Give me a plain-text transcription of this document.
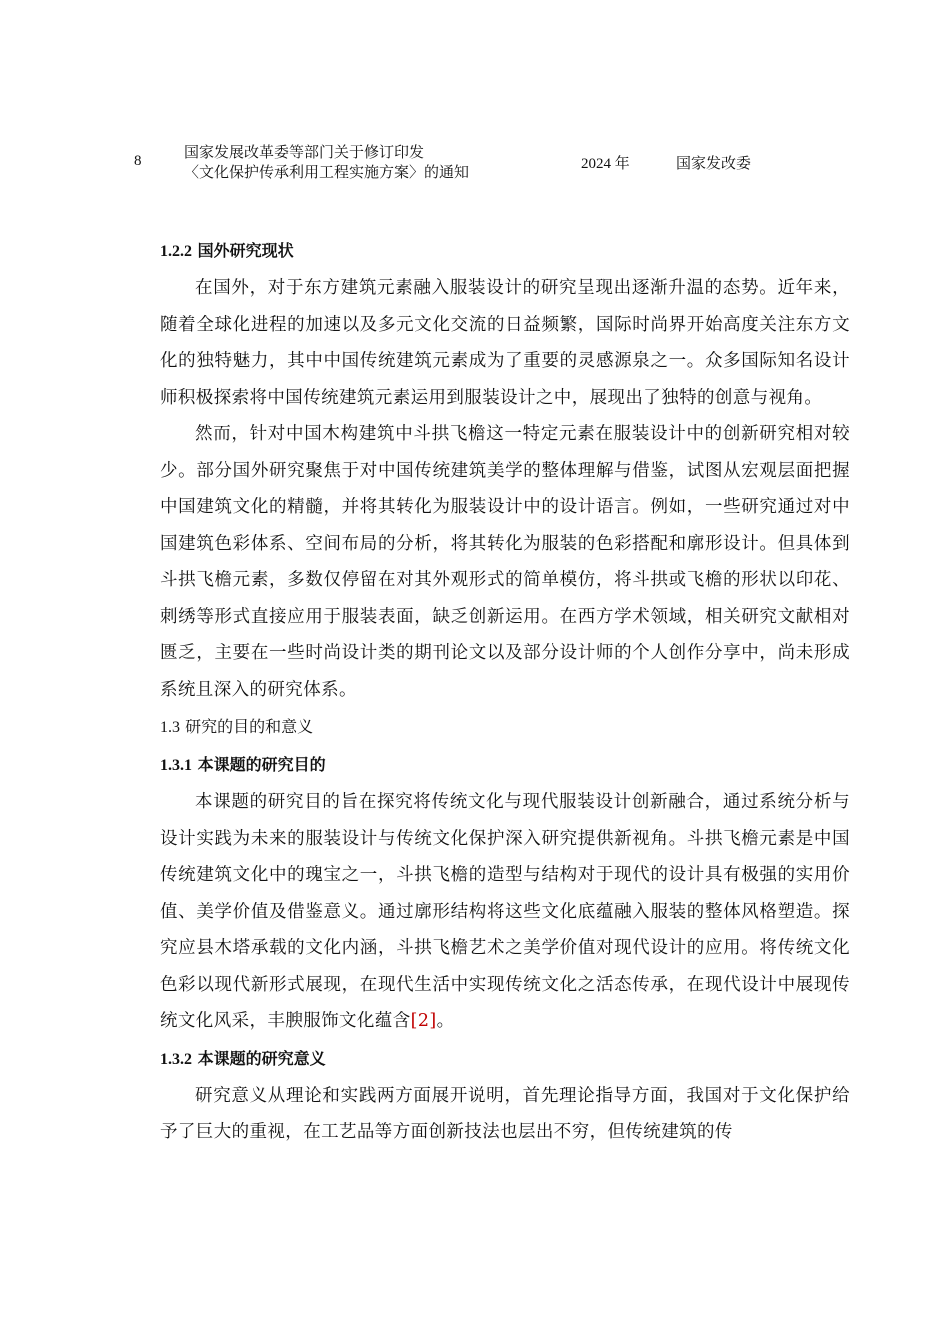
8	国家发展改革委等部门关于修订印发
〈文化保护传承利用工程实施方案〉的通知	2024 年	国家发改委
1.2.2 国外研究现状

在国外，对于东方建筑元素融入服装设计的研究呈现出逐渐升温的态势。近年来，随着全球化进程的加速以及多元文化交流的日益频繁，国际时尚界开始高度关注东方文化的独特魅力，其中中国传统建筑元素成为了重要的灵感源泉之一。众多国际知名设计师积极探索将中国传统建筑元素运用到服装设计之中，展现出了独特的创意与视角。

然而，针对中国木构建筑中斗拱飞檐这一特定元素在服装设计中的创新研究相对较少。部分国外研究聚焦于对中国传统建筑美学的整体理解与借鉴，试图从宏观层面把握中国建筑文化的精髓，并将其转化为服装设计中的设计语言。例如，一些研究通过对中国建筑色彩体系、空间布局的分析，将其转化为服装的色彩搭配和廓形设计。但具体到斗拱飞檐元素，多数仅停留在对其外观形式的简单模仿，将斗拱或飞檐的形状以印花、刺绣等形式直接应用于服装表面，缺乏创新运用。在西方学术领域，相关研究文献相对匮乏，主要在一些时尚设计类的期刊论文以及部分设计师的个人创作分享中，尚未形成系统且深入的研究体系。

1.3 研究的目的和意义
1.3.1 本课题的研究目的

本课题的研究目的旨在探究将传统文化与现代服装设计创新融合，通过系统分析与设计实践为未来的服装设计与传统文化保护深入研究提供新视角。斗拱飞檐元素是中国传统建筑文化中的瑰宝之一，斗拱飞檐的造型与结构对于现代的设计具有极强的实用价值、美学价值及借鉴意义。通过廓形结构将这些文化底蕴融入服装的整体风格塑造。探究应县木塔承载的文化内涵，斗拱飞檐艺术之美学价值对现代设计的应用。将传统文化色彩以现代新形式展现，在现代生活中实现传统文化之活态传承，在现代设计中展现传统文化风采，丰腴服饰文化蕴含[2]。

1.3.2 本课题的研究意义

研究意义从理论和实践两方面展开说明，首先理论指导方面，我国对于文化保护给予了巨大的重视，在工艺品等方面创新技法也层出不穷，但传统建筑的传
